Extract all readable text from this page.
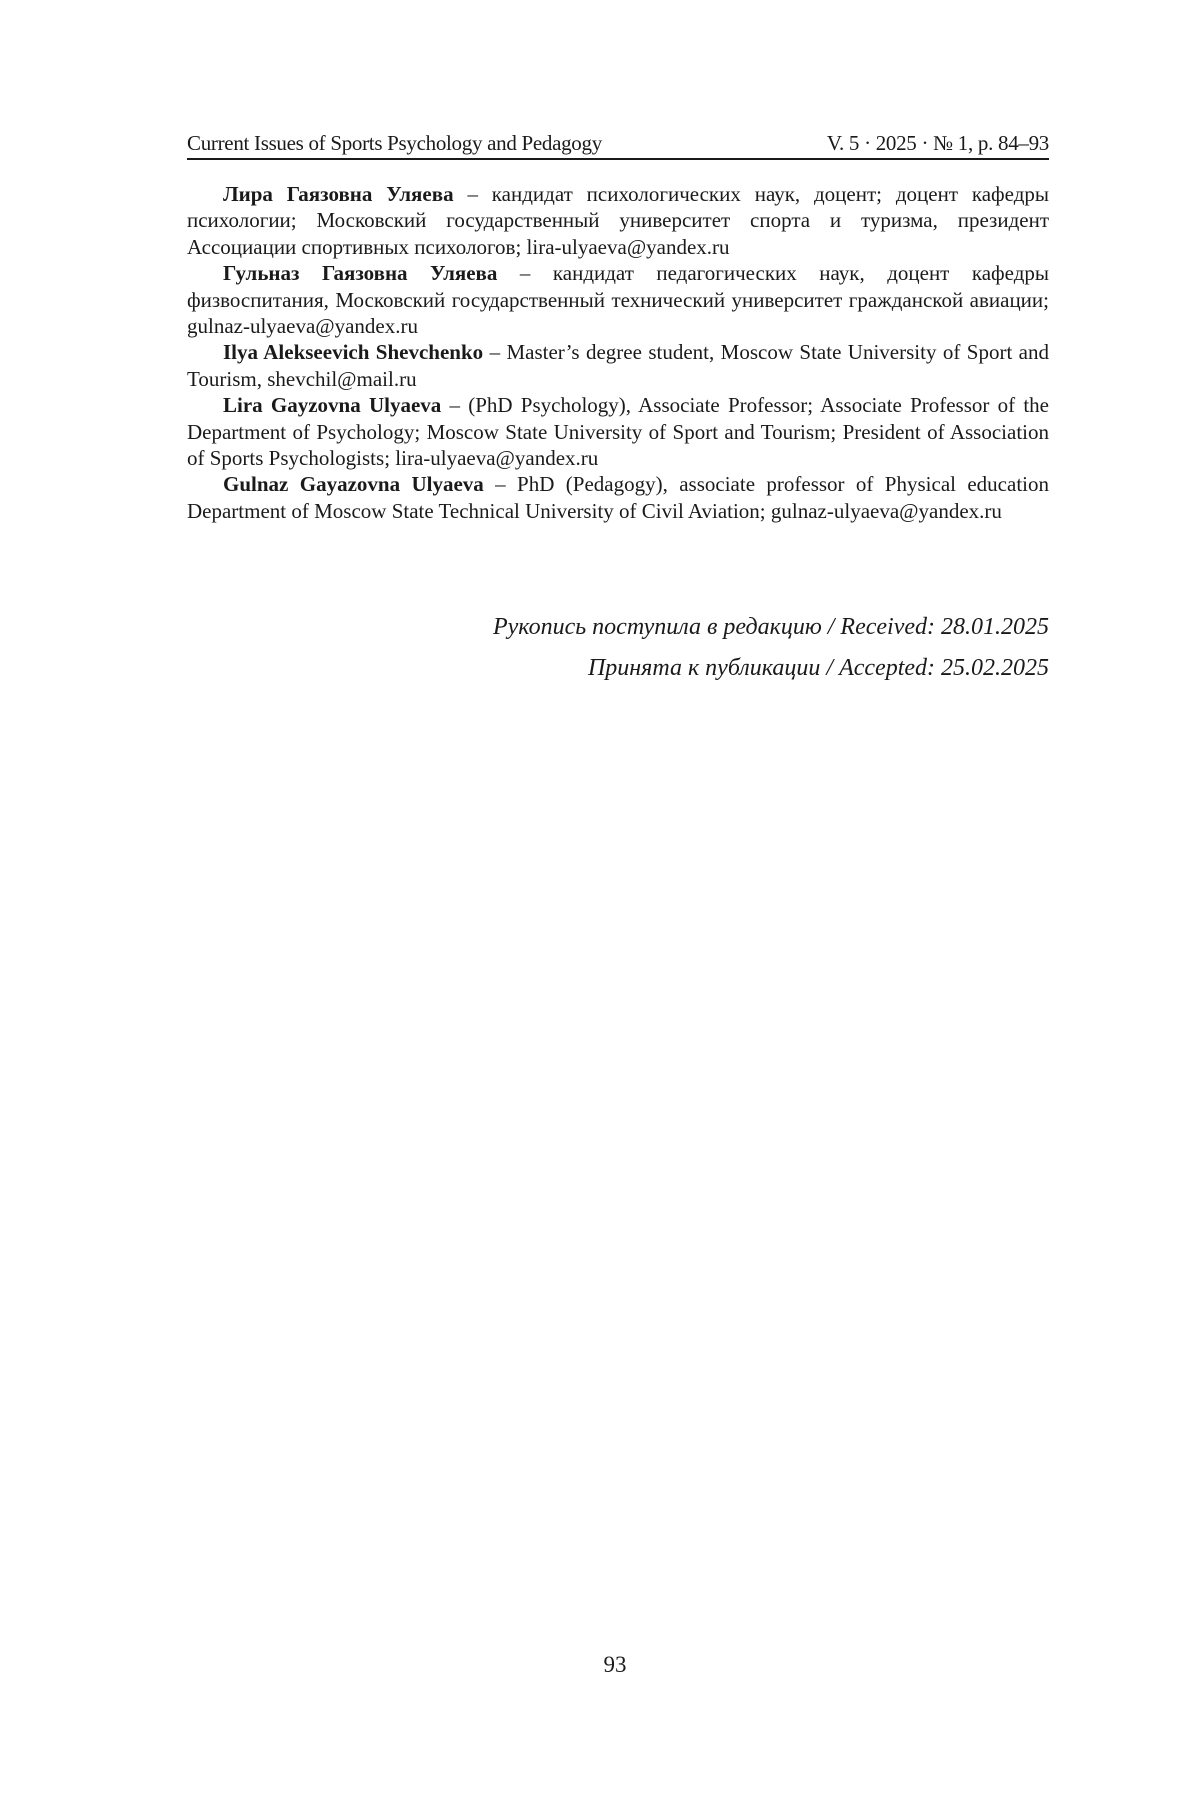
Current Issues of Sports Psychology and Pedagogy	V. 5 · 2025 · № 1, p. 84–93

Лира Гаязовна Уляева – кандидат психологических наук, доцент; доцент кафедры психологии; Московский государственный университет спорта и туризма, президент Ассоциации спортивных психологов; lira-ulyaeva@yandex.ru

Гульназ Гаязовна Уляева – кандидат педагогических наук, доцент кафедры физвоспитания, Московский государственный технический университет гражданской авиации; gulnaz-ulyaeva@yandex.ru

Ilya Alekseevich Shevchenko – Master’s degree student, Moscow State University of Sport and Tourism, shevchil@mail.ru

Lira Gayzovna Ulyaeva – (PhD Psychology), Associate Professor; Associate Professor of the Department of Psychology; Moscow State University of Sport and Tourism; President of Association of Sports Psychologists; lira-ulyaeva@yandex.ru

Gulnaz Gayazovna Ulyaeva – PhD (Pedagogy), associate professor of Physical education Department of Moscow State Technical University of Civil Aviation; gulnaz-ulyaeva@yandex.ru

Рукопись поступила в редакцию / Received: 28.01.2025
Принята к публикации / Accepted: 25.02.2025
93
